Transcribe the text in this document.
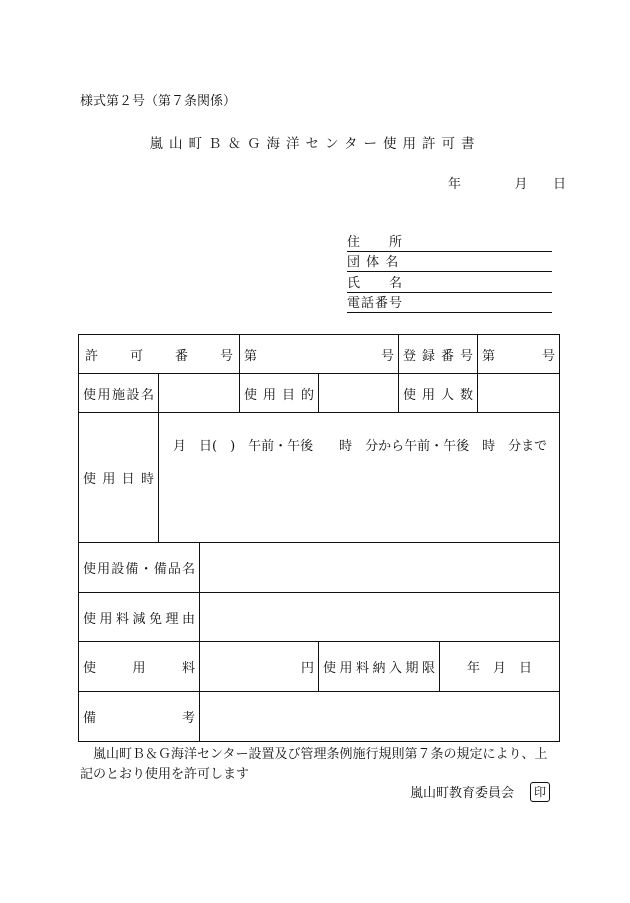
様式第２号（第７条関係）
嵐山町Ｂ＆Ｇ海洋センター使用許可書
年	月 日
住　　所
団 体 名
氏　　名
電話番号
許可番号			第 号		登録番号		第 号

使用施設名			使用目的		使用人数		

使用日時	月　日(　)　午前・午後　　時　分から午前・午後　時　分まで						

使用設備・備品名							

使用料減免理由							

使用料		円		使用料納入期限		年　月　日	

備考							

嵐山町Ｂ＆Ｇ海洋センター設置及び管理条例施行規則第７条の規定により、上記のとおり使用を許可します
嵐山町教育委員会	印
